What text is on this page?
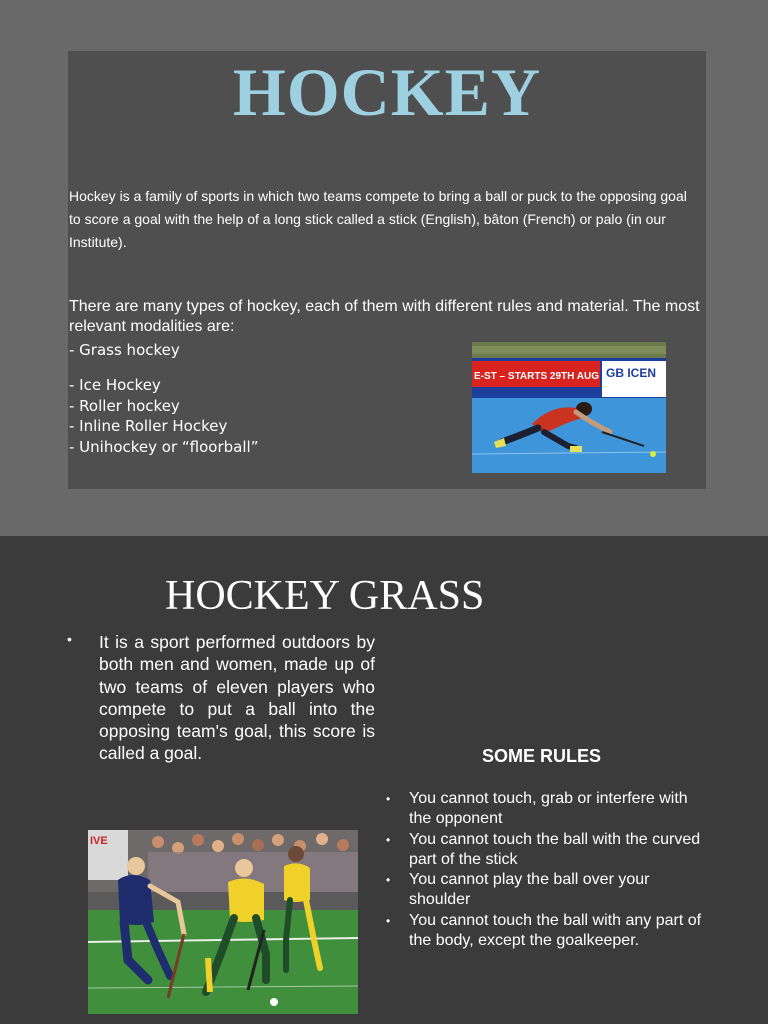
HOCKEY

Hockey is a family of sports in which two teams compete to bring a ball or puck to the opposing goal to score a goal with the help of a long stick called a stick (English), bâton (French) or palo (in our Institute).

There are many types of hockey, each of them with different rules and material. The most relevant modalities are:

- Grass hockey
- Ice Hockey
- Roller hockey
- Inline Roller Hockey
- Unihockey or “floorball”
E-ST – STARTS 29TH AUG GB ICEN
HOCKEY GRASS
• It is a sport performed outdoors by both men and women, made up of two teams of eleven players who compete to put a ball into the opposing team's goal, this score is called a goal.	SOME RULES
• You cannot touch, grab or interfere with the opponent
• You cannot touch the ball with the curved part of the stick
• You cannot play the ball over your shoulder
• You cannot touch the ball with any part of the body, except the goalkeeper.
IVE
